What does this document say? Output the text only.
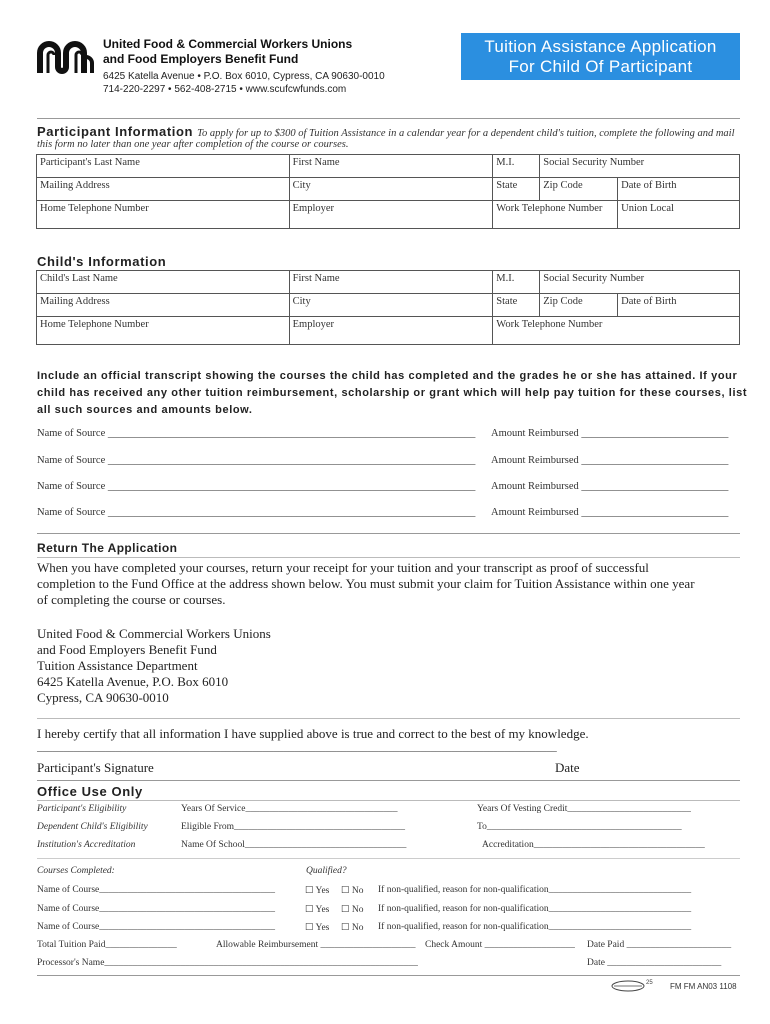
United Food & Commercial Workers Unions
and Food Employers Benefit Fund
6425 Katella Avenue • P.O. Box 6010, Cypress, CA 90630-0010
714-220-2297 • 562-408-2715 • www.scufcwfunds.com
Tuition Assistance Application
For Child Of Participant
Participant Information To apply for up to $300 of Tuition Assistance in a calendar year for a dependent child's tuition, complete the following and mail
this form no later than one year after completion of the course or courses.
Participant's Last Name	First Name	M.I.	Social Security Number	
Mailing Address	City	State	Zip Code	Date of Birth
Home Telephone Number	Employer	Work Telephone Number		Union Local
Child's Information
Child's Last Name	First Name	M.I.	Social Security Number	
Mailing Address	City	State	Zip Code	Date of Birth
Home Telephone Number	Employer	Work Telephone Number		
Include an official transcript showing the courses the child has completed and the grades he or she has attained. If your
child has received any other tuition reimbursement, scholarship or grant which will help pay tuition for these courses, list
all such sources and amounts below.
Name of Source ______________________________________________________________________ Amount Reimbursed ____________________________
Name of Source ______________________________________________________________________ Amount Reimbursed ____________________________
Name of Source ______________________________________________________________________ Amount Reimbursed ____________________________
Name of Source ______________________________________________________________________ Amount Reimbursed ____________________________
Return The Application
When you have completed your courses, return your receipt for your tuition and your transcript as proof of successful
completion to the Fund Office at the address shown below. You must submit your claim for Tuition Assistance within one year
of completing the course or courses.
United Food & Commercial Workers Unions
and Food Employers Benefit Fund
Tuition Assistance Department
6425 Katella Avenue, P.O. Box 6010
Cypress, CA 90630-0010
I hereby certify that all information I have supplied above is true and correct to the best of my knowledge.
___________________________________________________________________________________________________
Participant's Signature	Date
Office Use Only
Participant's Eligibility	Years Of Service________________________________	Years Of Vesting Credit__________________________
Dependent Child's Eligibility	Eligible From____________________________________	To_________________________________________
Institution's Accreditation	Name Of School__________________________________	Accreditation____________________________________
Courses Completed:	Qualified?
Name of Course_____________________________________	☐ Yes ☐ No If non-qualified, reason for non-qualification______________________________
Name of Course_____________________________________	☐ Yes ☐ No If non-qualified, reason for non-qualification______________________________
Name of Course_____________________________________	☐ Yes ☐ No If non-qualified, reason for non-qualification______________________________
Total Tuition Paid_______________	Allowable Reimbursement ____________________ Check Amount ___________________ Date Paid ______________________
Processor's Name__________________________________________________________________	Date ________________________
25 FM FM AN03 1108
